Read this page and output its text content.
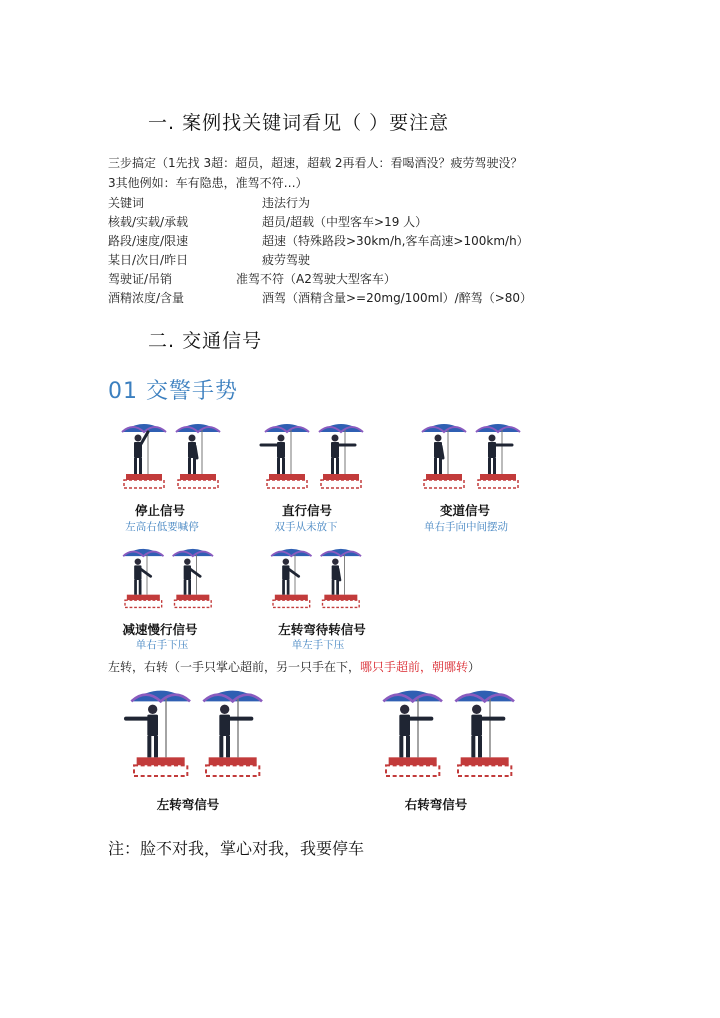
一. 案例找关键词看见（ ）要注意
三步搞定（1先找 3超：超员，超速，超载 2再看人：看喝酒没？疲劳驾驶没？
3其他例如：车有隐患，准驾不符…）
关键词	违法行为
核载/实载/承载	超员/超载（中型客车>19 人）
路段/速度/限速	超速（特殊路段>30km/h,客车高速>100km/h）
某日/次日/昨日	疲劳驾驶
驾驶证/吊销	准驾不符（A2驾驶大型客车）
酒精浓度/含量	酒驾（酒精含量>=20mg/100ml）/醉驾（>80）
二. 交通信号
01 交警手势
停止信号
左高右低要喊停
直行信号
双手从未放下
变道信号
单右手向中间摆动
减速慢行信号
单右手下压
左转弯待转信号
单左手下压
左转，右转（一手只掌心超前，另一只手在下，哪只手超前，朝哪转）
左转弯信号	右转弯信号
注：脸不对我，掌心对我，我要停车
